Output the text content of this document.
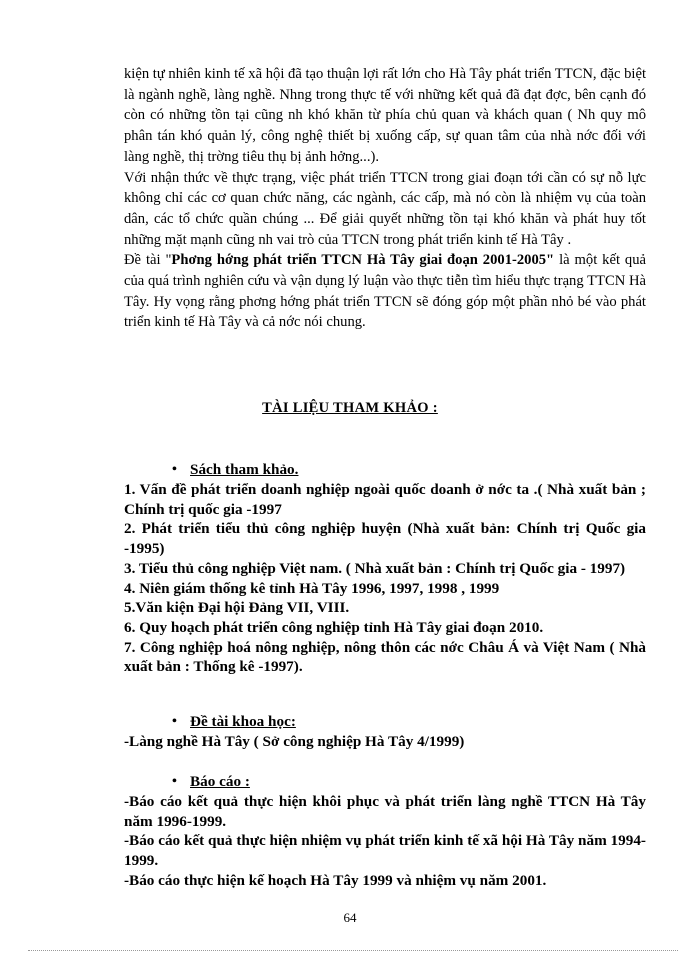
kiện tự nhiên kinh tế xã hội đã tạo thuận lợi rất lớn cho Hà Tây phát triển TTCN, đặc biệt là ngành nghề, làng nghề. Nhng trong thực tế với những kết quả đã đạt đợc, bên cạnh đó còn có những tồn tại cũng nh khó khăn từ phía chủ quan và khách quan ( Nh quy mô phân tán khó quản lý, công nghệ thiết bị xuống cấp, sự quan tâm của nhà nớc đối với làng nghề, thị trờng tiêu thụ bị ảnh hởng...).

Với nhận thức về thực trạng, việc phát triển TTCN trong giai đoạn tới cần có sự nỗ lực không chỉ các cơ quan chức năng, các ngành, các cấp, mà nó còn là nhiệm vụ của toàn dân, các tổ chức quần chúng ... Để giải quyết những tồn tại khó khăn và phát huy tốt những mặt mạnh cũng nh vai trò của TTCN trong phát triển kinh tế Hà Tây .

Đề tài "Phơng hớng phát triển TTCN Hà Tây giai đoạn 2001-2005" là một kết quả của quá trình nghiên cứu và vận dụng lý luận vào thực tiễn tìm hiểu thực trạng TTCN Hà Tây. Hy vọng rằng phơng hớng phát triển TTCN sẽ đóng góp một phần nhỏ bé vào phát triển kinh tế Hà Tây và cả nớc nói chung.

TÀI LIỆU THAM KHẢO :
• Sách tham khảo.

1. Vấn đề phát triển doanh nghiệp ngoài quốc doanh ở nớc ta .( Nhà xuất bản ; Chính trị quốc gia -1997

2. Phát triển tiểu thủ công nghiệp huyện (Nhà xuất bản: Chính trị Quốc gia -1995)

3. Tiểu thủ công nghiệp Việt nam. ( Nhà xuất bản : Chính trị Quốc gia - 1997)

4. Niên giám thống kê tỉnh Hà Tây 1996, 1997, 1998 , 1999

5.Văn kiện Đại hội Đảng VII, VIII.

6. Quy hoạch phát triển công nghiệp tỉnh Hà Tây giai đoạn 2010.

7. Công nghiệp hoá nông nghiệp, nông thôn các nớc Châu Á và Việt Nam ( Nhà xuất bản : Thống kê -1997).

• Đề tài khoa học:

-Làng nghề Hà Tây ( Sở công nghiệp Hà Tây 4/1999)

• Báo cáo :

-Báo cáo kết quả thực hiện khôi phục và phát triển làng nghề TTCN Hà Tây năm 1996-1999.

-Báo cáo kết quả thực hiện nhiệm vụ phát triển kinh tế xã hội Hà Tây năm 1994-1999.

-Báo cáo thực hiện kế hoạch Hà Tây 1999 và nhiệm vụ năm 2001.

64
